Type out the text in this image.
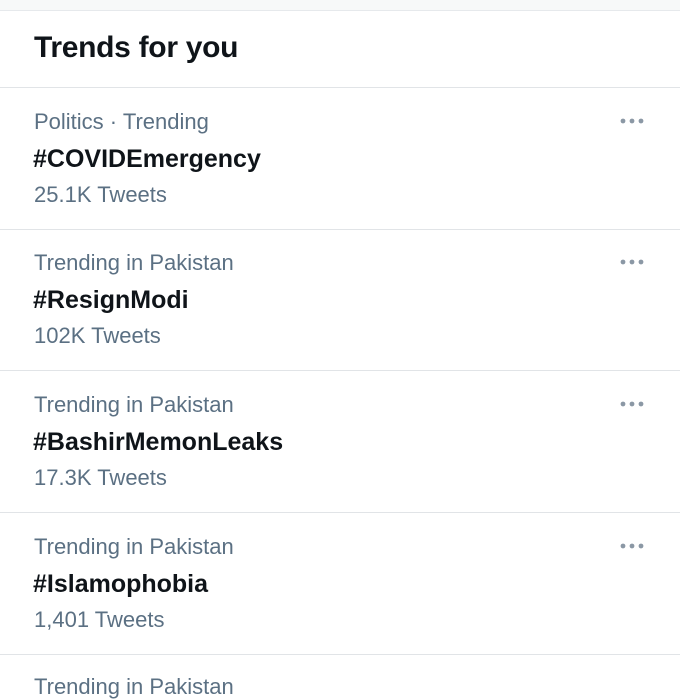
Trends for you
Politics · Trending
#COVIDEmergency
25.1K Tweets
Trending in Pakistan
#ResignModi
102K Tweets
Trending in Pakistan
#BashirMemonLeaks
17.3K Tweets
Trending in Pakistan
#Islamophobia
1,401 Tweets
Trending in Pakistan
